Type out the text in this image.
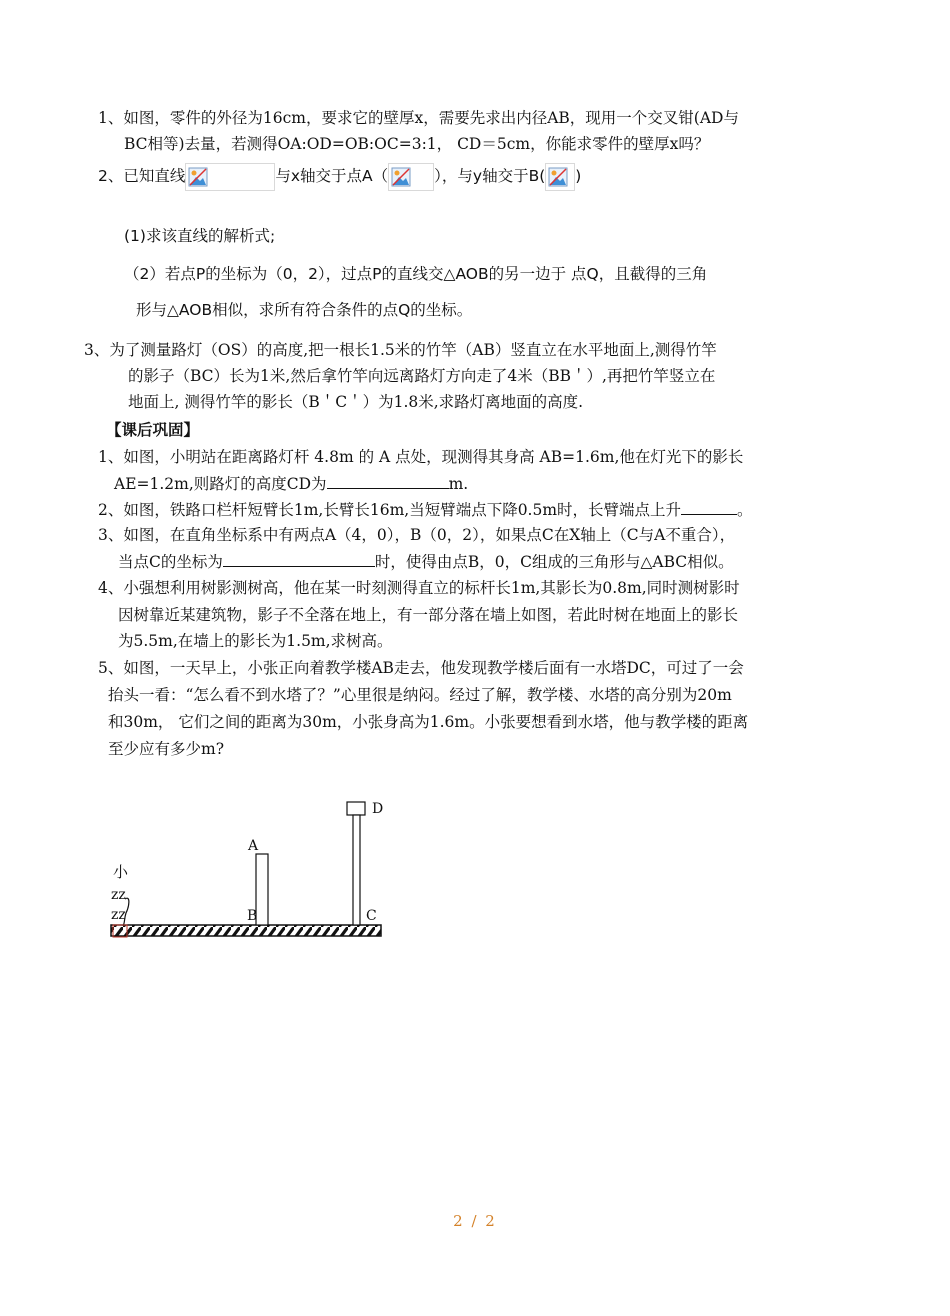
1、如图，零件的外径为16cm，要求它的壁厚x，需要先求出内径AB，现用一个交叉钳(AD与
BC相等)去量，若测得OA:OD=OB:OC=3:1， CD＝5cm，你能求零件的壁厚x吗？
2、已知直线	与x轴交于点A（	），与y轴交于B( )
(1)求该直线的解析式;
（2）若点P的坐标为（0，2），过点P的直线交△AOB的另一边于 点Q，且截得的三角
形与△AOB相似，求所有符合条件的点Q的坐标。
3、为了测量路灯（OS）的高度,把一根长1.5米的竹竿（AB）竖直立在水平地面上,测得竹竿
的影子（BC）长为1米,然后拿竹竿向远离路灯方向走了4米（BB＇）,再把竹竿竖立在
地面上, 测得竹竿的影长（B＇C＇）为1.8米,求路灯离地面的高度.
【课后巩固】
1、如图，小明站在距离路灯杆 4.8m 的 A 点处，现测得其身高 AB=1.6m,他在灯光下的影长
AE=1.2m,则路灯的高度CD为	m.
2、如图，铁路口栏杆短臂长1m,长臂长16m,当短臂端点下降0.5m时，长臂端点上升	。
3、如图，在直角坐标系中有两点A（4，0），B（0，2），如果点C在X轴上（C与A不重合），
当点C的坐标为	时，使得由点B，0，C组成的三角形与△ABC相似。
4、小强想利用树影测树高，他在某一时刻测得直立的标杆长1m,其影长为0.8m,同时测树影时
因树靠近某建筑物，影子不全落在地上，有一部分落在墙上如图，若此时树在地面上的影长
为5.5m,在墙上的影长为1.5m,求树高。
5、如图，一天早上，小张正向着教学楼AB走去，他发现教学楼后面有一水塔DC，可过了一会
抬头一看：“怎么看不到水塔了？”心里很是纳闷。经过了解，教学楼、水塔的高分别为20m
和30m， 它们之间的距离为30m，小张身高为1.6m。小张要想看到水塔，他与教学楼的距离
至少应有多少m?
D
A
B	C
小
zz
zz
2 / 2
